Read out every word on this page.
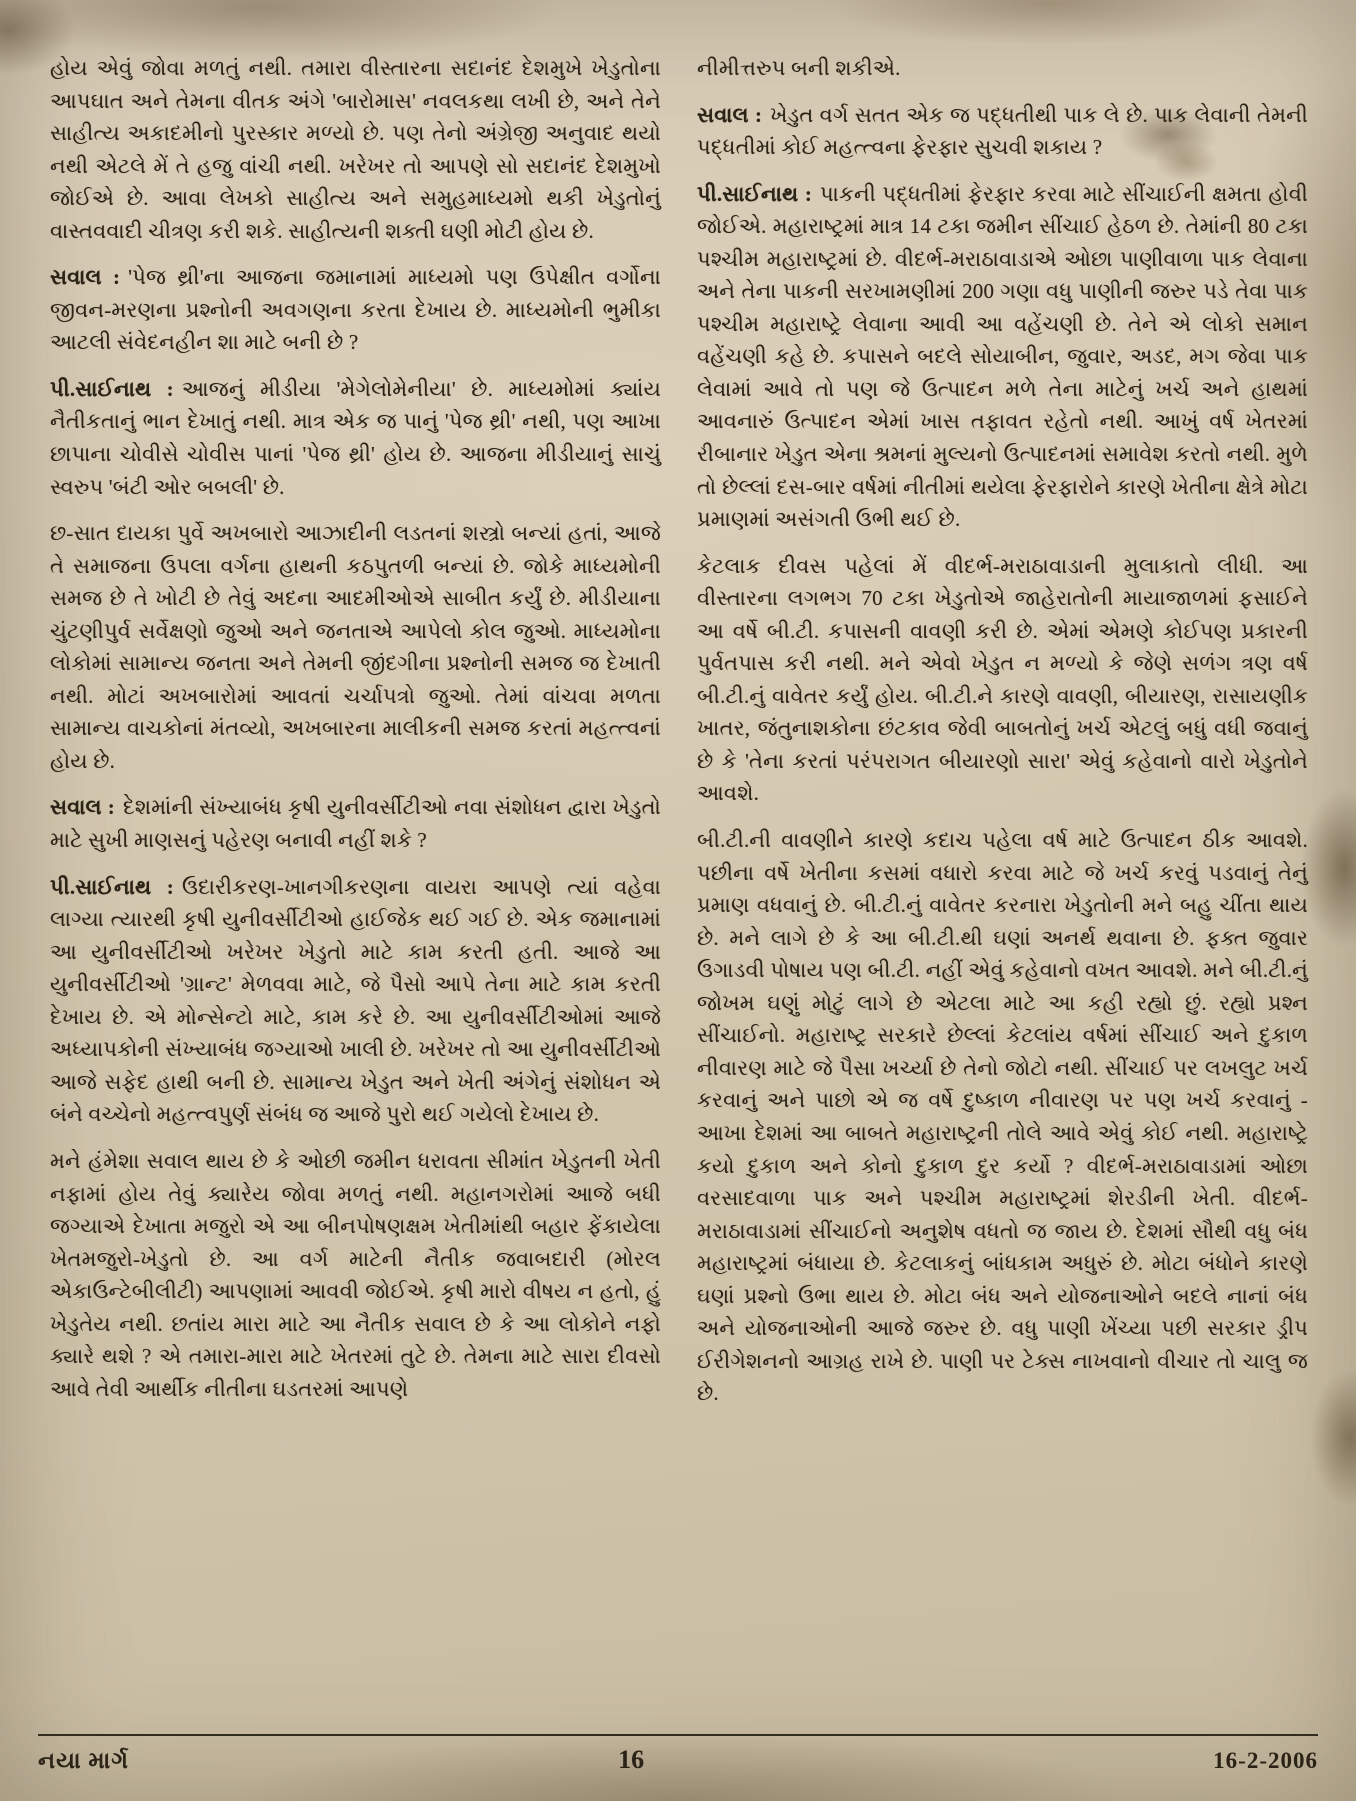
હોય એવું જોવા મળતું નથી. તમારા વીસ્તારના સદાનંદ દેશમુખે ખેડુતોના આપઘાત અને તેમના વીતક અંગે 'બારોમાસ' નવલકથા લખી છે, અને તેને સાહીત્ય અકાદમીનો પુરસ્કાર મળ્યો છે. પણ તેનો અંગ્રેજી અનુવાદ થયો નથી એટલે મેં તે હજુ વાંચી નથી. ખરેખર તો આપણે સો સદાનંદ દેશમુખો જોઈએ છે. આવા લેખકો સાહીત્ય અને સમુહમાધ્યમો થકી ખેડુતોનું વાસ્તવવાદી ચીત્રણ કરી શકે. સાહીત્યની શક્તી ઘણી મોટી હોય છે.

સવાલ : 'પેજ થ્રી'ના આજના જમાનામાં માધ્યમો પણ ઉપેક્ષીત વર્ગોના જીવન-મરણના પ્રશ્નોની અવગણના કરતા દેખાય છે. માધ્યમોની ભુમીકા આટલી સંવેદનહીન શા માટે બની છે ?

પી.સાઈનાથ : આજનું મીડીયા 'મેગેલોમેનીયા' છે. માધ્યમોમાં ક્યાંય નૈતીકતાનું ભાન દેખાતું નથી. માત્ર એક જ પાનું 'પેજ થ્રી' નથી, પણ આખા છાપાના ચોવીસે ચોવીસ પાનાં 'પેજ થ્રી' હોય છે. આજના મીડીયાનું સાચું સ્વરુપ 'બંટી ઓર બબલી' છે.

છ-સાત દાયકા પુર્વે અખબારો આઝાદીની લડતનાં શસ્ત્રો બન્યાં હતાં, આજે તે સમાજના ઉપલા વર્ગના હાથની કઠપુતળી બન્યાં છે. જોકે માધ્યમોની સમજ છે તે ખોટી છે તેવું અદના આદમીઓએ સાબીત કર્યું છે. મીડીયાના ચુંટણીપુર્વ સર્વેક્ષણો જુઓ અને જનતાએ આપેલો કોલ જુઓ. માધ્યમોના લોકોમાં સામાન્ય જનતા અને તેમની જીંદગીના પ્રશ્નોની સમજ જ દેખાતી નથી. મોટાં અખબારોમાં આવતાં ચર્ચાપત્રો જુઓ. તેમાં વાંચવા મળતા સામાન્ય વાચકોનાં મંતવ્યો, અખબારના માલીકની સમજ કરતાં મહત્ત્વનાં હોય છે.

સવાલ : દેશમાંની સંખ્યાબંધ કૃષી યુનીવર્સીટીઓ નવા સંશોધન દ્વારા ખેડુતો માટે સુખી માણસનું પહેરણ બનાવી નહીં શકે ?

પી.સાઈનાથ : ઉદારીકરણ-ખાનગીકરણના વાયરા આપણે ત્યાં વહેવા લાગ્યા ત્યારથી કૃષી યુનીવર્સીટીઓ હાઈજેક થઈ ગઈ છે. એક જમાનામાં આ યુનીવર્સીટીઓ ખરેખર ખેડુતો માટે કામ કરતી હતી. આજે આ યુનીવર્સીટીઓ 'ગ્રાન્ટ' મેળવવા માટે, જે પૈસો આપે તેના માટે કામ કરતી દેખાય છે. એ મોન્સેન્ટો માટે, કામ કરે છે. આ યુનીવર્સીટીઓમાં આજે અધ્યાપકોની સંખ્યાબંધ જગ્યાઓ ખાલી છે. ખરેખર તો આ યુનીવર્સીટીઓ આજે સફેદ હાથી બની છે. સામાન્ય ખેડુત અને ખેતી અંગેનું સંશોધન એ બંને વચ્ચેનો મહત્ત્વપુર્ણ સંબંધ જ આજે પુરો થઈ ગયેલો દેખાય છે.

મને હંમેશા સવાલ થાય છે કે ઓછી જમીન ધરાવતા સીમાંત ખેડુતની ખેતી નફામાં હોય તેવું ક્યારેય જોવા મળતું નથી. મહાનગરોમાં આજે બધી જગ્યાએ દેખાતા મજુરો એ આ બીનપોષણક્ષમ ખેતીમાંથી બહાર ફેંકાયેલા ખેતમજુરો-ખેડુતો છે. આ વર્ગ માટેની નૈતીક જવાબદારી (મોરલ એકાઉન્ટેબીલીટી) આપણામાં આવવી જોઈએ. કૃષી મારો વીષય ન હતો, હું ખેડુતેય નથી. છતાંય મારા માટે આ નૈતીક સવાલ છે કે આ લોકોને નફો ક્યારે થશે ? એ તમારા-મારા માટે ખેતરમાં તુટે છે. તેમના માટે સારા દીવસો આવે તેવી આર્થીક નીતીના ઘડતરમાં આપણે

નીમીત્તરુપ બની શકીએ.

સવાલ : ખેડુત વર્ગ સતત એક જ પદ્ધતીથી પાક લે છે. પાક લેવાની તેમની પદ્ધતીમાં કોઈ મહત્ત્વના ફેરફાર સુચવી શકાય ?

પી.સાઈનાથ : પાકની પદ્ધતીમાં ફેરફાર કરવા માટે સીંચાઈની ક્ષમતા હોવી જોઈએ. મહારાષ્ટ્રમાં માત્ર 14 ટકા જમીન સીંચાઈ હેઠળ છે. તેમાંની 80 ટકા પશ્ચીમ મહારાષ્ટ્રમાં છે. વીદર્ભ-મરાઠાવાડાએ ઓછા પાણીવાળા પાક લેવાના અને તેના પાકની સરખામણીમાં 200 ગણા વધુ પાણીની જરુર પડે તેવા પાક પશ્ચીમ મહારાષ્ટ્રે લેવાના આવી આ વહેંચણી છે. તેને એ લોકો સમાન વહેંચણી કહે છે. કપાસને બદલે સોયાબીન, જુવાર, અડદ, મગ જેવા પાક લેવામાં આવે તો પણ જે ઉત્પાદન મળે તેના માટેનું ખર્ચ અને હાથમાં આવનારું ઉત્પાદન એમાં ખાસ તફાવત રહેતો નથી. આખું વર્ષ ખેતરમાં રીબાનાર ખેડુત એના શ્રમનાં મુલ્યનો ઉત્પાદનમાં સમાવેશ કરતો નથી. મુળે તો છેલ્લાં દસ-બાર વર્ષમાં નીતીમાં થયેલા ફેરફારોને કારણે ખેતીના ક્ષેત્રે મોટા પ્રમાણમાં અસંગતી ઉભી થઈ છે.

કેટલાક દીવસ પહેલાં મેં વીદર્ભ-મરાઠાવાડાની મુલાકાતો લીધી. આ વીસ્તારના લગભગ 70 ટકા ખેડુતોએ જાહેરાતોની માયાજાળમાં ફસાઈને આ વર્ષે બી.ટી. કપાસની વાવણી કરી છે. એમાં એમણે કોઈપણ પ્રકારની પુર્વતપાસ કરી નથી. મને એવો ખેડુત ન મળ્યો કે જેણે સળંગ ત્રણ વર્ષ બી.ટી.નું વાવેતર કર્યું હોય. બી.ટી.ને કારણે વાવણી, બીયારણ, રાસાયણીક ખાતર, જંતુનાશકોના છંટકાવ જેવી બાબતોનું ખર્ચ એટલું બધું વધી જવાનું છે કે 'તેના કરતાં પરંપરાગત બીયારણો સારા' એવું કહેવાનો વારો ખેડુતોને આવશે.

બી.ટી.ની વાવણીને કારણે કદાચ પહેલા વર્ષ માટે ઉત્પાદન ઠીક આવશે. પછીના વર્ષે ખેતીના કસમાં વધારો કરવા માટે જે ખર્ચ કરવું પડવાનું તેનું પ્રમાણ વધવાનું છે. બી.ટી.નું વાવેતર કરનારા ખેડુતોની મને બહુ ચીંતા થાય છે. મને લાગે છે કે આ બી.ટી.થી ઘણાં અનર્થ થવાના છે. ફક્ત જુવાર ઉગાડવી પોષાય પણ બી.ટી. નહીં એવું કહેવાનો વખત આવશે. મને બી.ટી.નું જોખમ ઘણું મોટું લાગે છે એટલા માટે આ કહી રહ્યો છું. રહ્યો પ્રશ્ન સીંચાઈનો. મહારાષ્ટ્ર સરકારે છેલ્લાં કેટલાંય વર્ષમાં સીંચાઈ અને દુકાળ નીવારણ માટે જે પૈસા ખર્ચ્યા છે તેનો જોટો નથી. સીંચાઈ પર લખલુટ ખર્ચ કરવાનું અને પાછો એ જ વર્ષે દુષ્કાળ નીવારણ પર પણ ખર્ચ કરવાનું - આખા દેશમાં આ બાબતે મહારાષ્ટ્રની તોલે આવે એવું કોઈ નથી. મહારાષ્ટ્રે કયો દુકાળ અને કોનો દુકાળ દુર કર્યો ? વીદર્ભ-મરાઠાવાડામાં ઓછા વરસાદવાળા પાક અને પશ્ચીમ મહારાષ્ટ્રમાં શેરડીની ખેતી. વીદર્ભ-મરાઠાવાડામાં સીંચાઈનો અનુશેષ વધતો જ જાય છે. દેશમાં સૌથી વધુ બંધ મહારાષ્ટ્રમાં બંધાયા છે. કેટલાકનું બાંધકામ અધુરું છે. મોટા બંધોને કારણે ઘણાં પ્રશ્નો ઉભા થાય છે. મોટા બંધ અને યોજનાઓને બદલે નાનાં બંધ અને યોજનાઓની આજે જરુર છે. વધુ પાણી ખેંચ્યા પછી સરકાર ડ્રીપ ઈરીગેશનનો આગ્રહ રાખે છે. પાણી પર ટેક્સ નાખવાનો વીચાર તો ચાલુ જ છે.

નયા માર્ગ	16	16-2-2006
